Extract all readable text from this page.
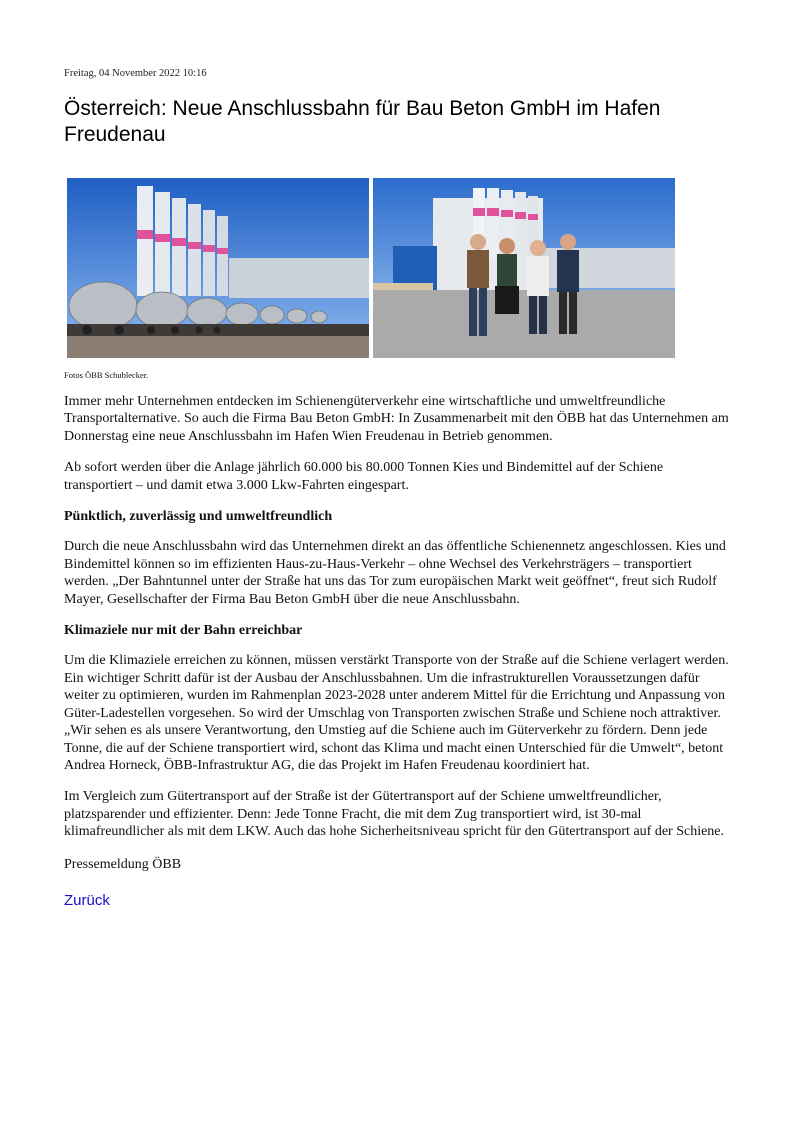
Freitag, 04 November 2022 10:16

Österreich: Neue Anschlussbahn für Bau Beton GmbH im Hafen Freudenau

Fotos ÖBB Schublecker.

Immer mehr Unternehmen entdecken im Schienengüterverkehr eine wirtschaftliche und umweltfreundliche Transportalternative. So auch die Firma Bau Beton GmbH: In Zusammenarbeit mit den ÖBB hat das Unternehmen am Donnerstag eine neue Anschlussbahn im Hafen Wien Freudenau in Betrieb genommen.

Ab sofort werden über die Anlage jährlich 60.000 bis 80.000 Tonnen Kies und Bindemittel auf der Schiene transportiert – und damit etwa 3.000 Lkw-Fahrten eingespart.

Pünktlich, zuverlässig und umweltfreundlich

Durch die neue Anschlussbahn wird das Unternehmen direkt an das öffentliche Schienennetz angeschlossen. Kies und Bindemittel können so im effizienten Haus-zu-Haus-Verkehr – ohne Wechsel des Verkehrsträgers – transportiert werden. „Der Bahntunnel unter der Straße hat uns das Tor zum europäischen Markt weit geöffnet“, freut sich Rudolf Mayer, Gesellschafter der Firma Bau Beton GmbH über die neue Anschlussbahn.

Klimaziele nur mit der Bahn erreichbar

Um die Klimaziele erreichen zu können, müssen verstärkt Transporte von der Straße auf die Schiene verlagert werden. Ein wichtiger Schritt dafür ist der Ausbau der Anschlussbahnen. Um die infrastrukturellen Voraussetzungen dafür weiter zu optimieren, wurden im Rahmenplan 2023-2028 unter anderem Mittel für die Errichtung und Anpassung von Güter-Ladestellen vorgesehen. So wird der Umschlag von Transporten zwischen Straße und Schiene noch attraktiver. „Wir sehen es als unsere Verantwortung, den Umstieg auf die Schiene auch im Güterverkehr zu fördern. Denn jede Tonne, die auf der Schiene transportiert wird, schont das Klima und macht einen Unterschied für die Umwelt“, betont Andrea Horneck, ÖBB-Infrastruktur AG, die das Projekt im Hafen Freudenau koordiniert hat.

Im Vergleich zum Gütertransport auf der Straße ist der Gütertransport auf der Schiene umweltfreundlicher, platzsparender und effizienter. Denn: Jede Tonne Fracht, die mit dem Zug transportiert wird, ist 30-mal klimafreundlicher als mit dem LKW. Auch das hohe Sicherheitsniveau spricht für den Gütertransport auf der Schiene.

Pressemeldung ÖBB

Zurück
